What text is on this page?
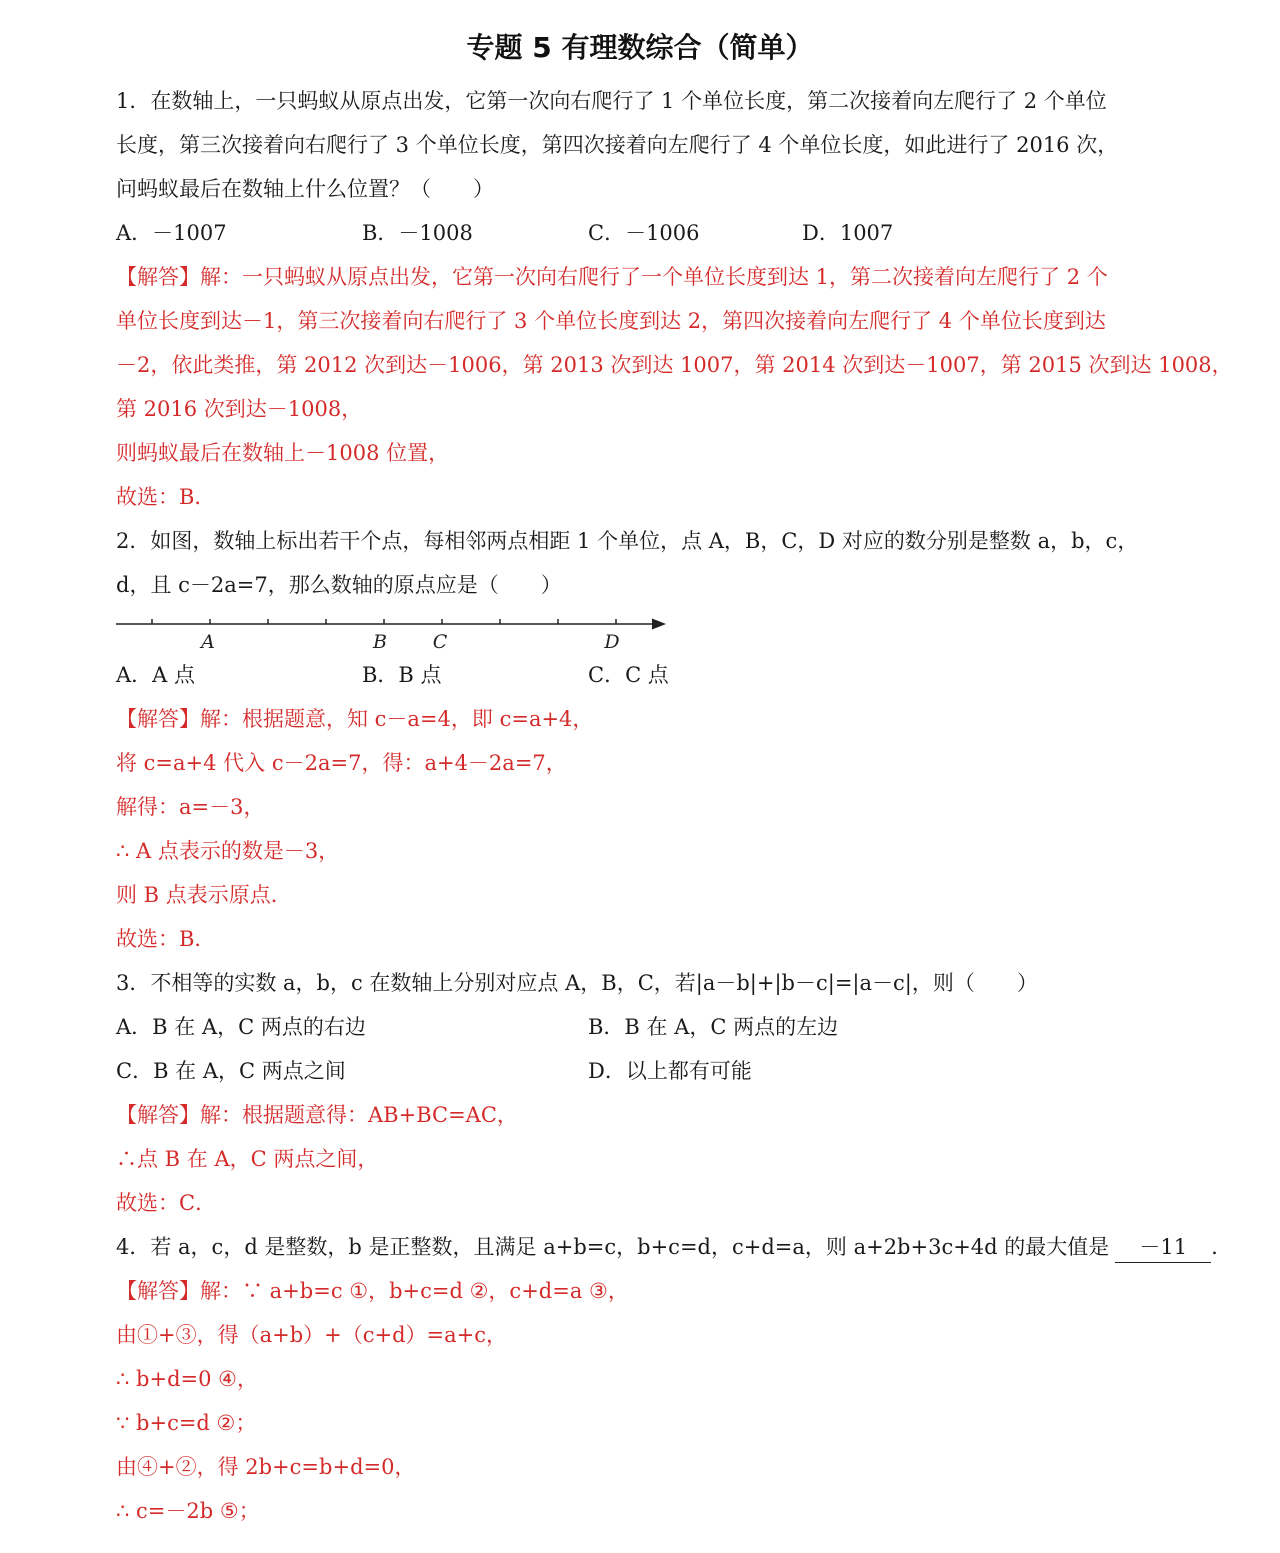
专题 5 有理数综合（简单）
1．在数轴上，一只蚂蚁从原点出发，它第一次向右爬行了 1 个单位长度，第二次接着向左爬行了 2 个单位
长度，第三次接着向右爬行了 3 个单位长度，第四次接着向左爬行了 4 个单位长度，如此进行了 2016 次，
问蚂蚁最后在数轴上什么位置？（　　）
A．－1007	B．－1008	C．－1006	D．1007
【解答】解：一只蚂蚁从原点出发，它第一次向右爬行了一个单位长度到达 1，第二次接着向左爬行了 2 个
单位长度到达－1，第三次接着向右爬行了 3 个单位长度到达 2，第四次接着向左爬行了 4 个单位长度到达
－2，依此类推，第 2012 次到达－1006，第 2013 次到达 1007，第 2014 次到达－1007，第 2015 次到达 1008，
第 2016 次到达－1008，
则蚂蚁最后在数轴上－1008 位置，
故选：B．
2．如图，数轴上标出若干个点，每相邻两点相距 1 个单位，点 A，B，C，D 对应的数分别是整数 a，b，c，
d，且 c－2a=7，那么数轴的原点应是（　　）
A	B C	D
A．A 点	B．B 点	C．C 点
【解答】解：根据题意，知 c－a=4，即 c=a+4，
将 c=a+4 代入 c－2a=7，得：a+4－2a=7，
解得：a=－3，
∴ A 点表示的数是－3，
则 B 点表示原点．
故选：B．
3．不相等的实数 a，b，c 在数轴上分别对应点 A，B，C，若|a－b|+|b－c|=|a－c|，则（　　）
A．B 在 A，C 两点的右边	B．B 在 A，C 两点的左边
C．B 在 A，C 两点之间	D．以上都有可能
【解答】解：根据题意得：AB+BC=AC，
∴点 B 在 A，C 两点之间，
故选：C．
4．若 a，c，d 是整数，b 是正整数，且满足 a+b=c，b+c=d，c+d=a，则 a+2b+3c+4d 的最大值是 －11 ．
【解答】解：∵ a+b=c ①，b+c=d ②，c+d=a ③，
由①+③，得（a+b）+（c+d）=a+c，
∴ b+d=0 ④，
∵ b+c=d ②；
由④+②，得 2b+c=b+d=0，
∴ c=－2b ⑤；
